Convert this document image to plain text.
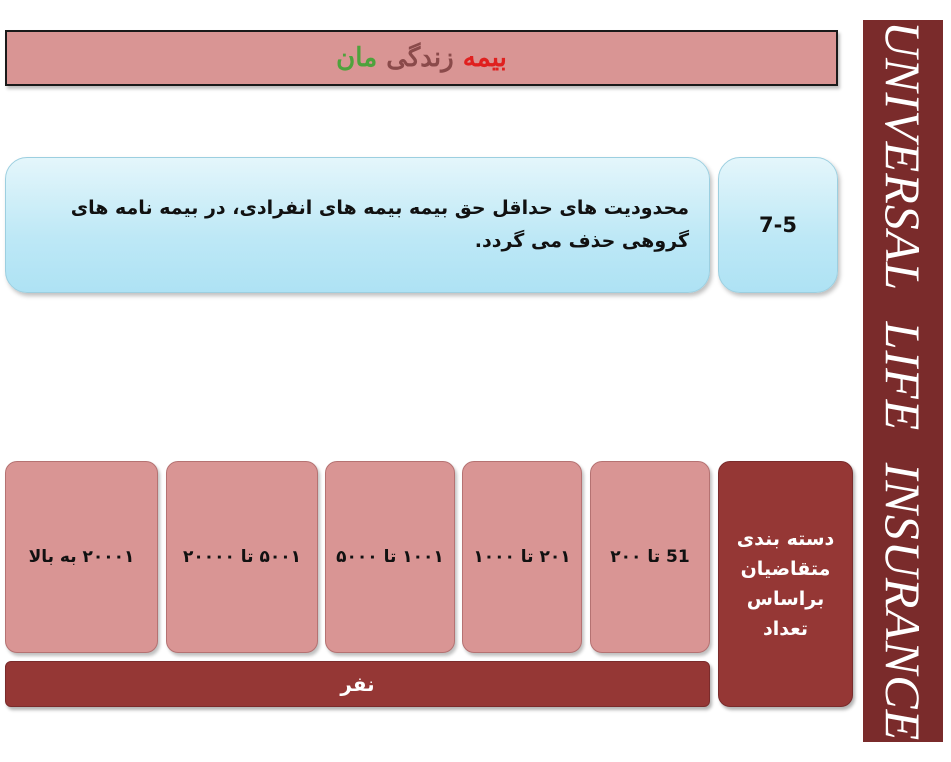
بیمه زندگی مان	UNIVERSAL LIFE INSURANCE
محدودیت های حداقل حق بیمه بیمه های انفرادی، در بیمه نامه های گروهی حذف می گردد.
7-5
51 تا ۲۰۰
۲۰۱ تا ۱۰۰۰
۱۰۰۱ تا ۵۰۰۰
۵۰۰۱ تا ۲۰۰۰۰
۲۰۰۰۱ به بالا
دسته بندی متقاضیان براساس تعداد
نفر
